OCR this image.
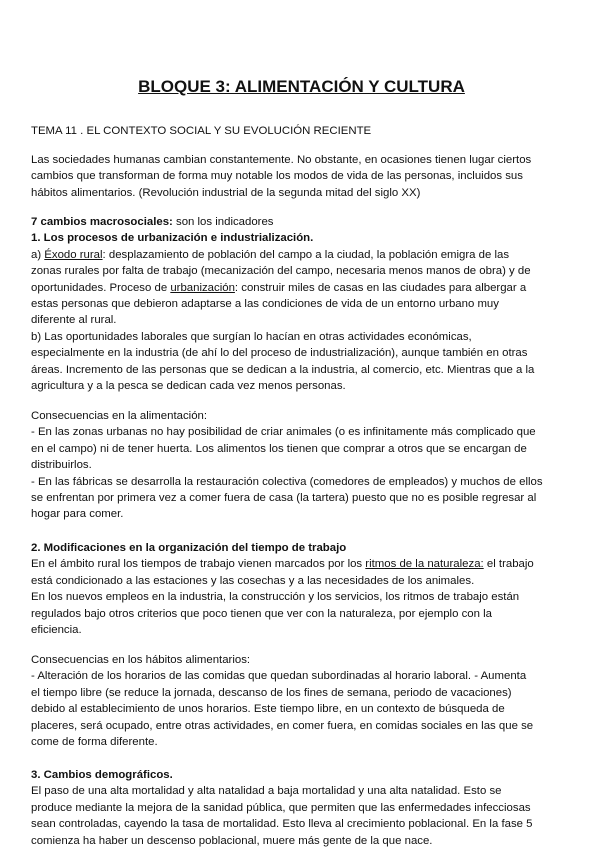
BLOQUE 3: ALIMENTACIÓN Y CULTURA

TEMA 11 . EL CONTEXTO SOCIAL Y SU EVOLUCIÓN RECIENTE

Las sociedades humanas cambian constantemente. No obstante, en ocasiones tienen lugar ciertos
cambios que transforman de forma muy notable los modos de vida de las personas, incluidos sus
hábitos alimentarios. (Revolución industrial de la segunda mitad del siglo XX)
7 cambios macrosociales: son los indicadores
1. Los procesos de urbanización e industrialización.
a) Éxodo rural: desplazamiento de población del campo a la ciudad, la población emigra de las
zonas rurales por falta de trabajo (mecanización del campo, necesaria menos manos de obra) y de
oportunidades. Proceso de urbanización: construir miles de casas en las ciudades para albergar a
estas personas que debieron adaptarse a las condiciones de vida de un entorno urbano muy
diferente al rural.
b) Las oportunidades laborales que surgían lo hacían en otras actividades económicas,
especialmente en la industria (de ahí lo del proceso de industrialización), aunque también en otras
áreas. Incremento de las personas que se dedican a la industria, al comercio, etc. Mientras que a la
agricultura y a la pesca se dedican cada vez menos personas.
Consecuencias en la alimentación:
- En las zonas urbanas no hay posibilidad de criar animales (o es infinitamente más complicado que
en el campo) ni de tener huerta. Los alimentos los tienen que comprar a otros que se encargan de
distribuirlos.
- En las fábricas se desarrolla la restauración colectiva (comedores de empleados) y muchos de ellos
se enfrentan por primera vez a comer fuera de casa (la tartera) puesto que no es posible regresar al
hogar para comer.
2. Modificaciones en la organización del tiempo de trabajo
En el ámbito rural los tiempos de trabajo vienen marcados por los ritmos de la naturaleza: el trabajo
está condicionado a las estaciones y las cosechas y a las necesidades de los animales.
En los nuevos empleos en la industria, la construcción y los servicios, los ritmos de trabajo están
regulados bajo otros criterios que poco tienen que ver con la naturaleza, por ejemplo con la
eficiencia.
Consecuencias en los hábitos alimentarios:
- Alteración de los horarios de las comidas que quedan subordinadas al horario laboral. - Aumenta
el tiempo libre (se reduce la jornada, descanso de los fines de semana, periodo de vacaciones)
debido al establecimiento de unos horarios. Este tiempo libre, en un contexto de búsqueda de
placeres, será ocupado, entre otras actividades, en comer fuera, en comidas sociales en las que se
come de forma diferente.
3. Cambios demográficos.
El paso de una alta mortalidad y alta natalidad a baja mortalidad y una alta natalidad. Esto se
produce mediante la mejora de la sanidad pública, que permiten que las enfermedades infecciosas
sean controladas, cayendo la tasa de mortalidad. Esto lleva al crecimiento poblacional. En la fase 5
comienza ha haber un descenso poblacional, muere más gente de la que nace.
